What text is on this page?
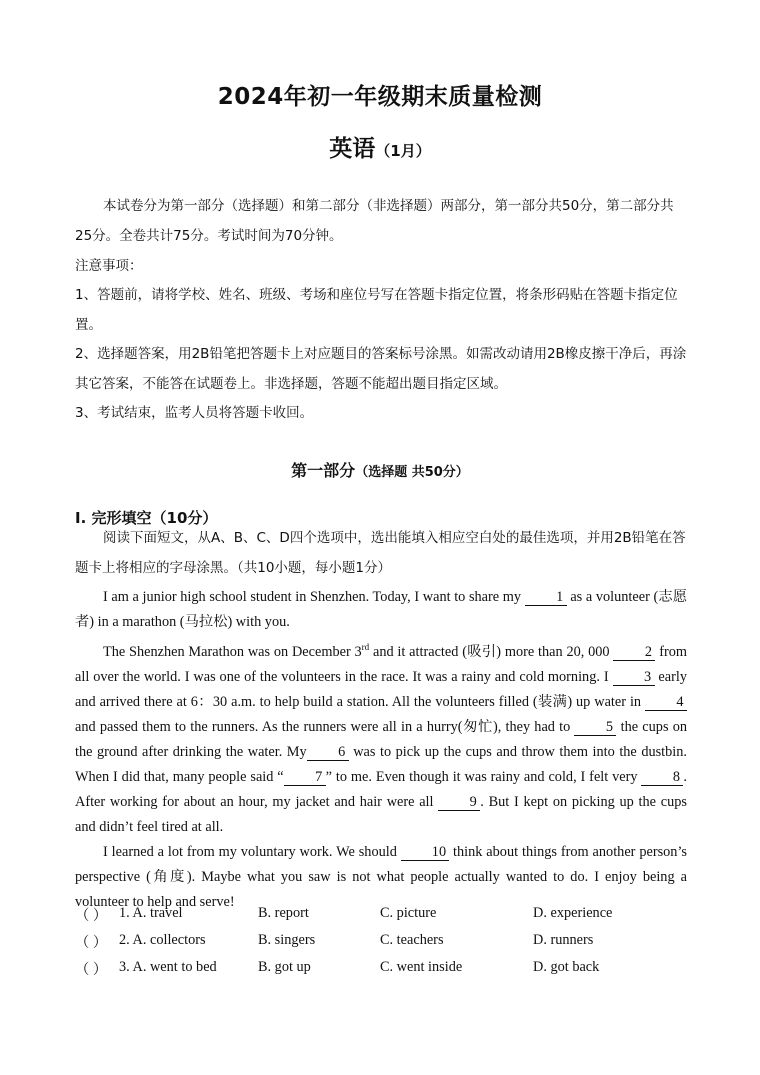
2024年初一年级期末质量检测
英语（1月）
本试卷分为第一部分（选择题）和第二部分（非选择题）两部分，第一部分共50分，第二部分共25分。全卷共计75分。考试时间为70分钟。
注意事项：
1、答题前，请将学校、姓名、班级、考场和座位号写在答题卡指定位置，将条形码贴在答题卡指定位置。
2、选择题答案，用2B铅笔把答题卡上对应题目的答案标号涂黑。如需改动请用2B橡皮擦干净后，再涂其它答案，不能答在试题卷上。非选择题，答题不能超出题目指定区域。
3、考试结束，监考人员将答题卡收回。
第一部分（选择题 共50分）
I. 完形填空（10分）
阅读下面短文，从A、B、C、D四个选项中，选出能填入相应空白处的最佳选项，并用2B铅笔在答题卡上将相应的字母涂黑。（共10小题，每小题1分）

I am a junior high school student in Shenzhen. Today, I want to share my 1 as a volunteer (志愿者) in a marathon (马拉松) with you.

The Shenzhen Marathon was on December 3rd and it attracted (吸引) more than 20, 000 2 from all over the world. I was one of the volunteers in the race. It was a rainy and cold morning. I 3 early and arrived there at 6：30 a.m. to help build a station. All the volunteers filled (装满) up water in 4 and passed them to the runners. As the runners were all in a hurry(匆忙), they had to 5 the cups on the ground after drinking the water. My 6 was to pick up the cups and throw them into the dustbin. When I did that, many people said “ 7 ” to me. Even though it was rainy and cold, I felt very 8 . After working for about an hour, my jacket and hair were all 9 . But I kept on picking up the cups and didn’t feel tired at all.

I learned a lot from my voluntary work. We should 10 think about things from another person’s perspective (角度). Maybe what you saw is not what people actually wanted to do. I enjoy being a volunteer to help and serve!

（ ） 1. A. travel	B. report	C. picture	D. experience
（ ） 2. A. collectors	B. singers	C. teachers	D. runners
（ ） 3. A. went to bed	B. got up	C. went inside	D. got back
